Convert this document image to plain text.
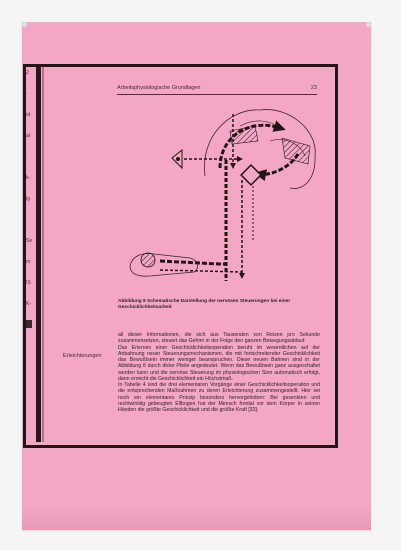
2
·
ıd
al
·
k-
lg
Se
m
IS
K-
Arbeitsphysiologische Grundlagen	23
Abbildung 8 Schematische Darstellung der nervösen Steuerungen bei einer Geschicklichkeitsarbeit
Erleichterungen

all dieser Informationen, die sich aus Tausenden von Reizen pro Sekunde zusammensetzen, steuert das Gehirn in der Folge den ganzen Bewegungsablauf.

Das Erlernen einer Geschicklichkeitsoperation beruht im wesentlichen auf der Anbahnung neuer Steuerungsmechanismen, die mit fortschreitender Geschicklichkeit das Bewußtsein immer weniger beanspruchen. Diese neuen Bahnen sind in der Abbildung 8 durch dicke Pfeile angedeutet. Wenn das Bewußtsein ganz ausgeschaltet werden kann und die nervöse Steuerung im physiologischen Sinn automatisch erfolgt, dann erreicht die Geschicklichkeit ein Höchstmaß.

In Tabelle 4 sind die drei elementaren Vorgänge einer Geschicklichkeitsoperation und die entsprechenden Maßnahmen zu deren Erleichterung zusammengestellt. Hier sei noch ein elementares Prinzip besonders hervorgehoben: Bei gesenkten und rechtwinklig gebeugten Ellbogen hat der Mensch frontal vor dem Körper in seinen Händen die größte Geschicklichkeit und die größte Kraft [33].
